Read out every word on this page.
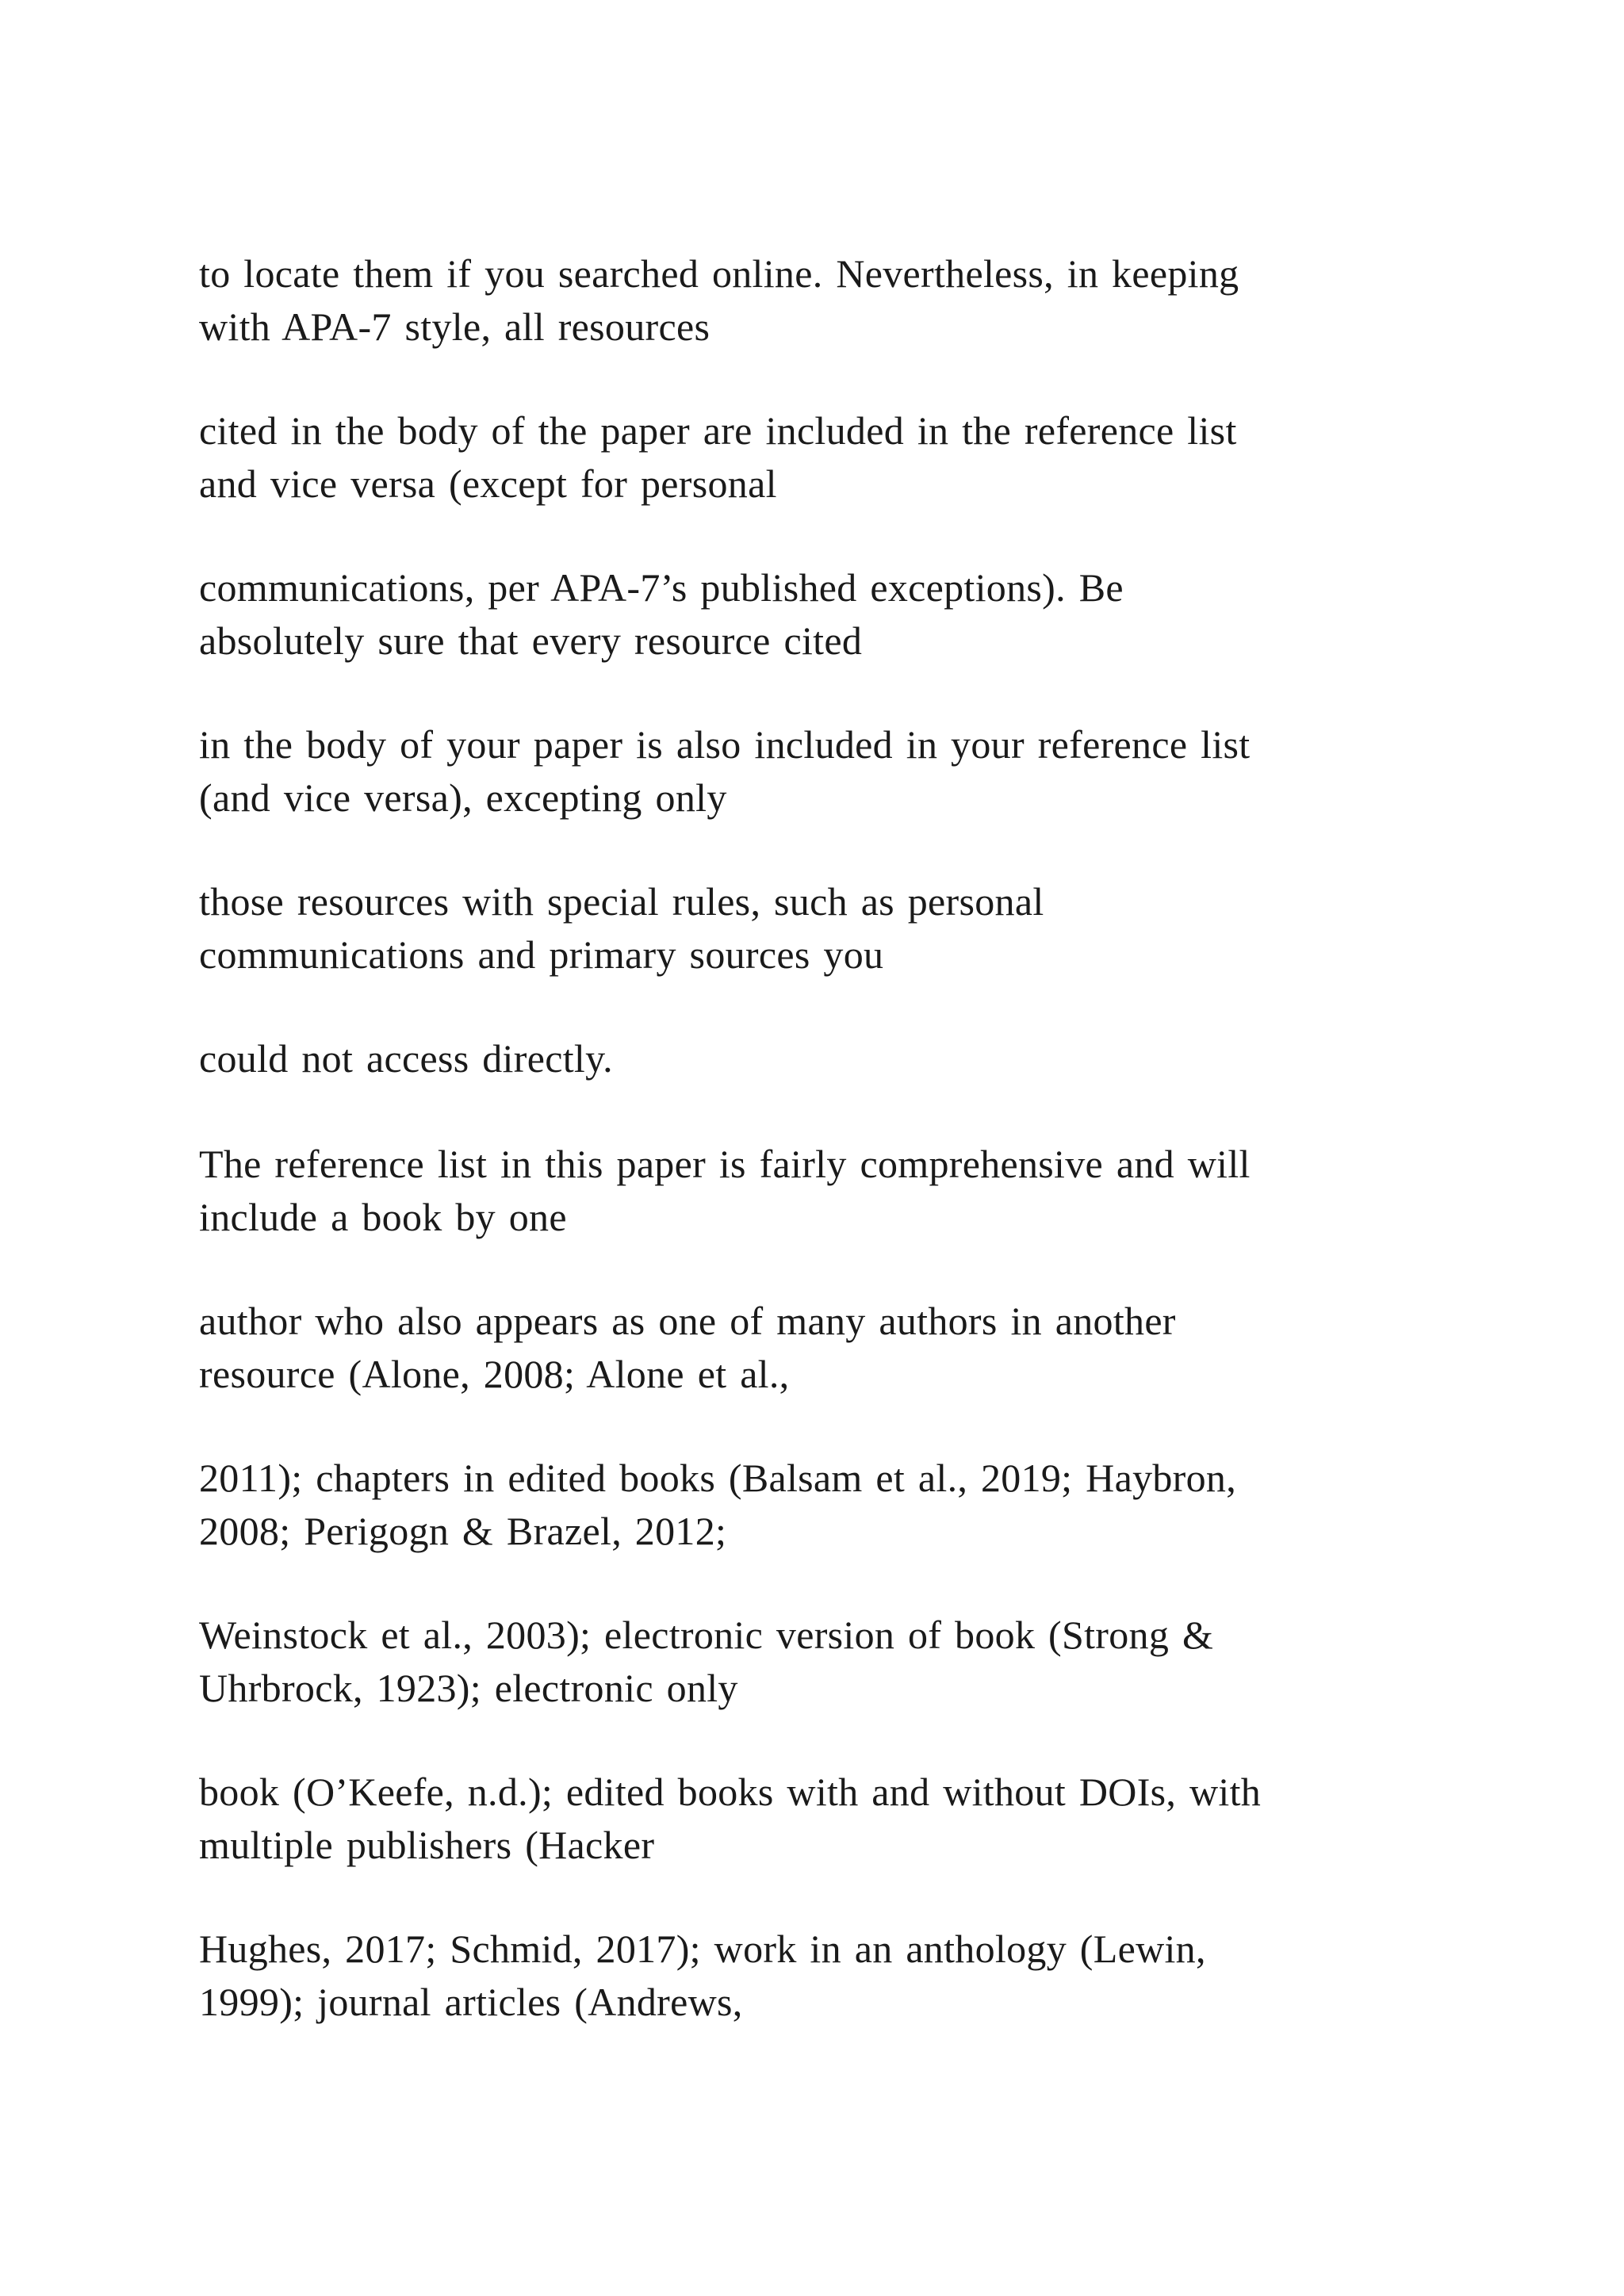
to locate them if you searched online. Nevertheless, in keeping
with APA-7 style, all resources

cited in the body of the paper are included in the reference list
and vice versa (except for personal

communications, per APA-7’s published exceptions). Be
absolutely sure that every resource cited

in the body of your paper is also included in your reference list
(and vice versa), excepting only

those resources with special rules, such as personal
communications and primary sources you

could not access directly.

The reference list in this paper is fairly comprehensive and will
include a book by one

author who also appears as one of many authors in another
resource (Alone, 2008; Alone et al.,

2011); chapters in edited books (Balsam et al., 2019; Haybron,
2008; Perigogn & Brazel, 2012;

Weinstock et al., 2003); electronic version of book (Strong &
Uhrbrock, 1923); electronic only

book (O’Keefe, n.d.); edited books with and without DOIs, with
multiple publishers (Hacker

Hughes, 2017; Schmid, 2017); work in an anthology (Lewin,
1999); journal articles (Andrews,
